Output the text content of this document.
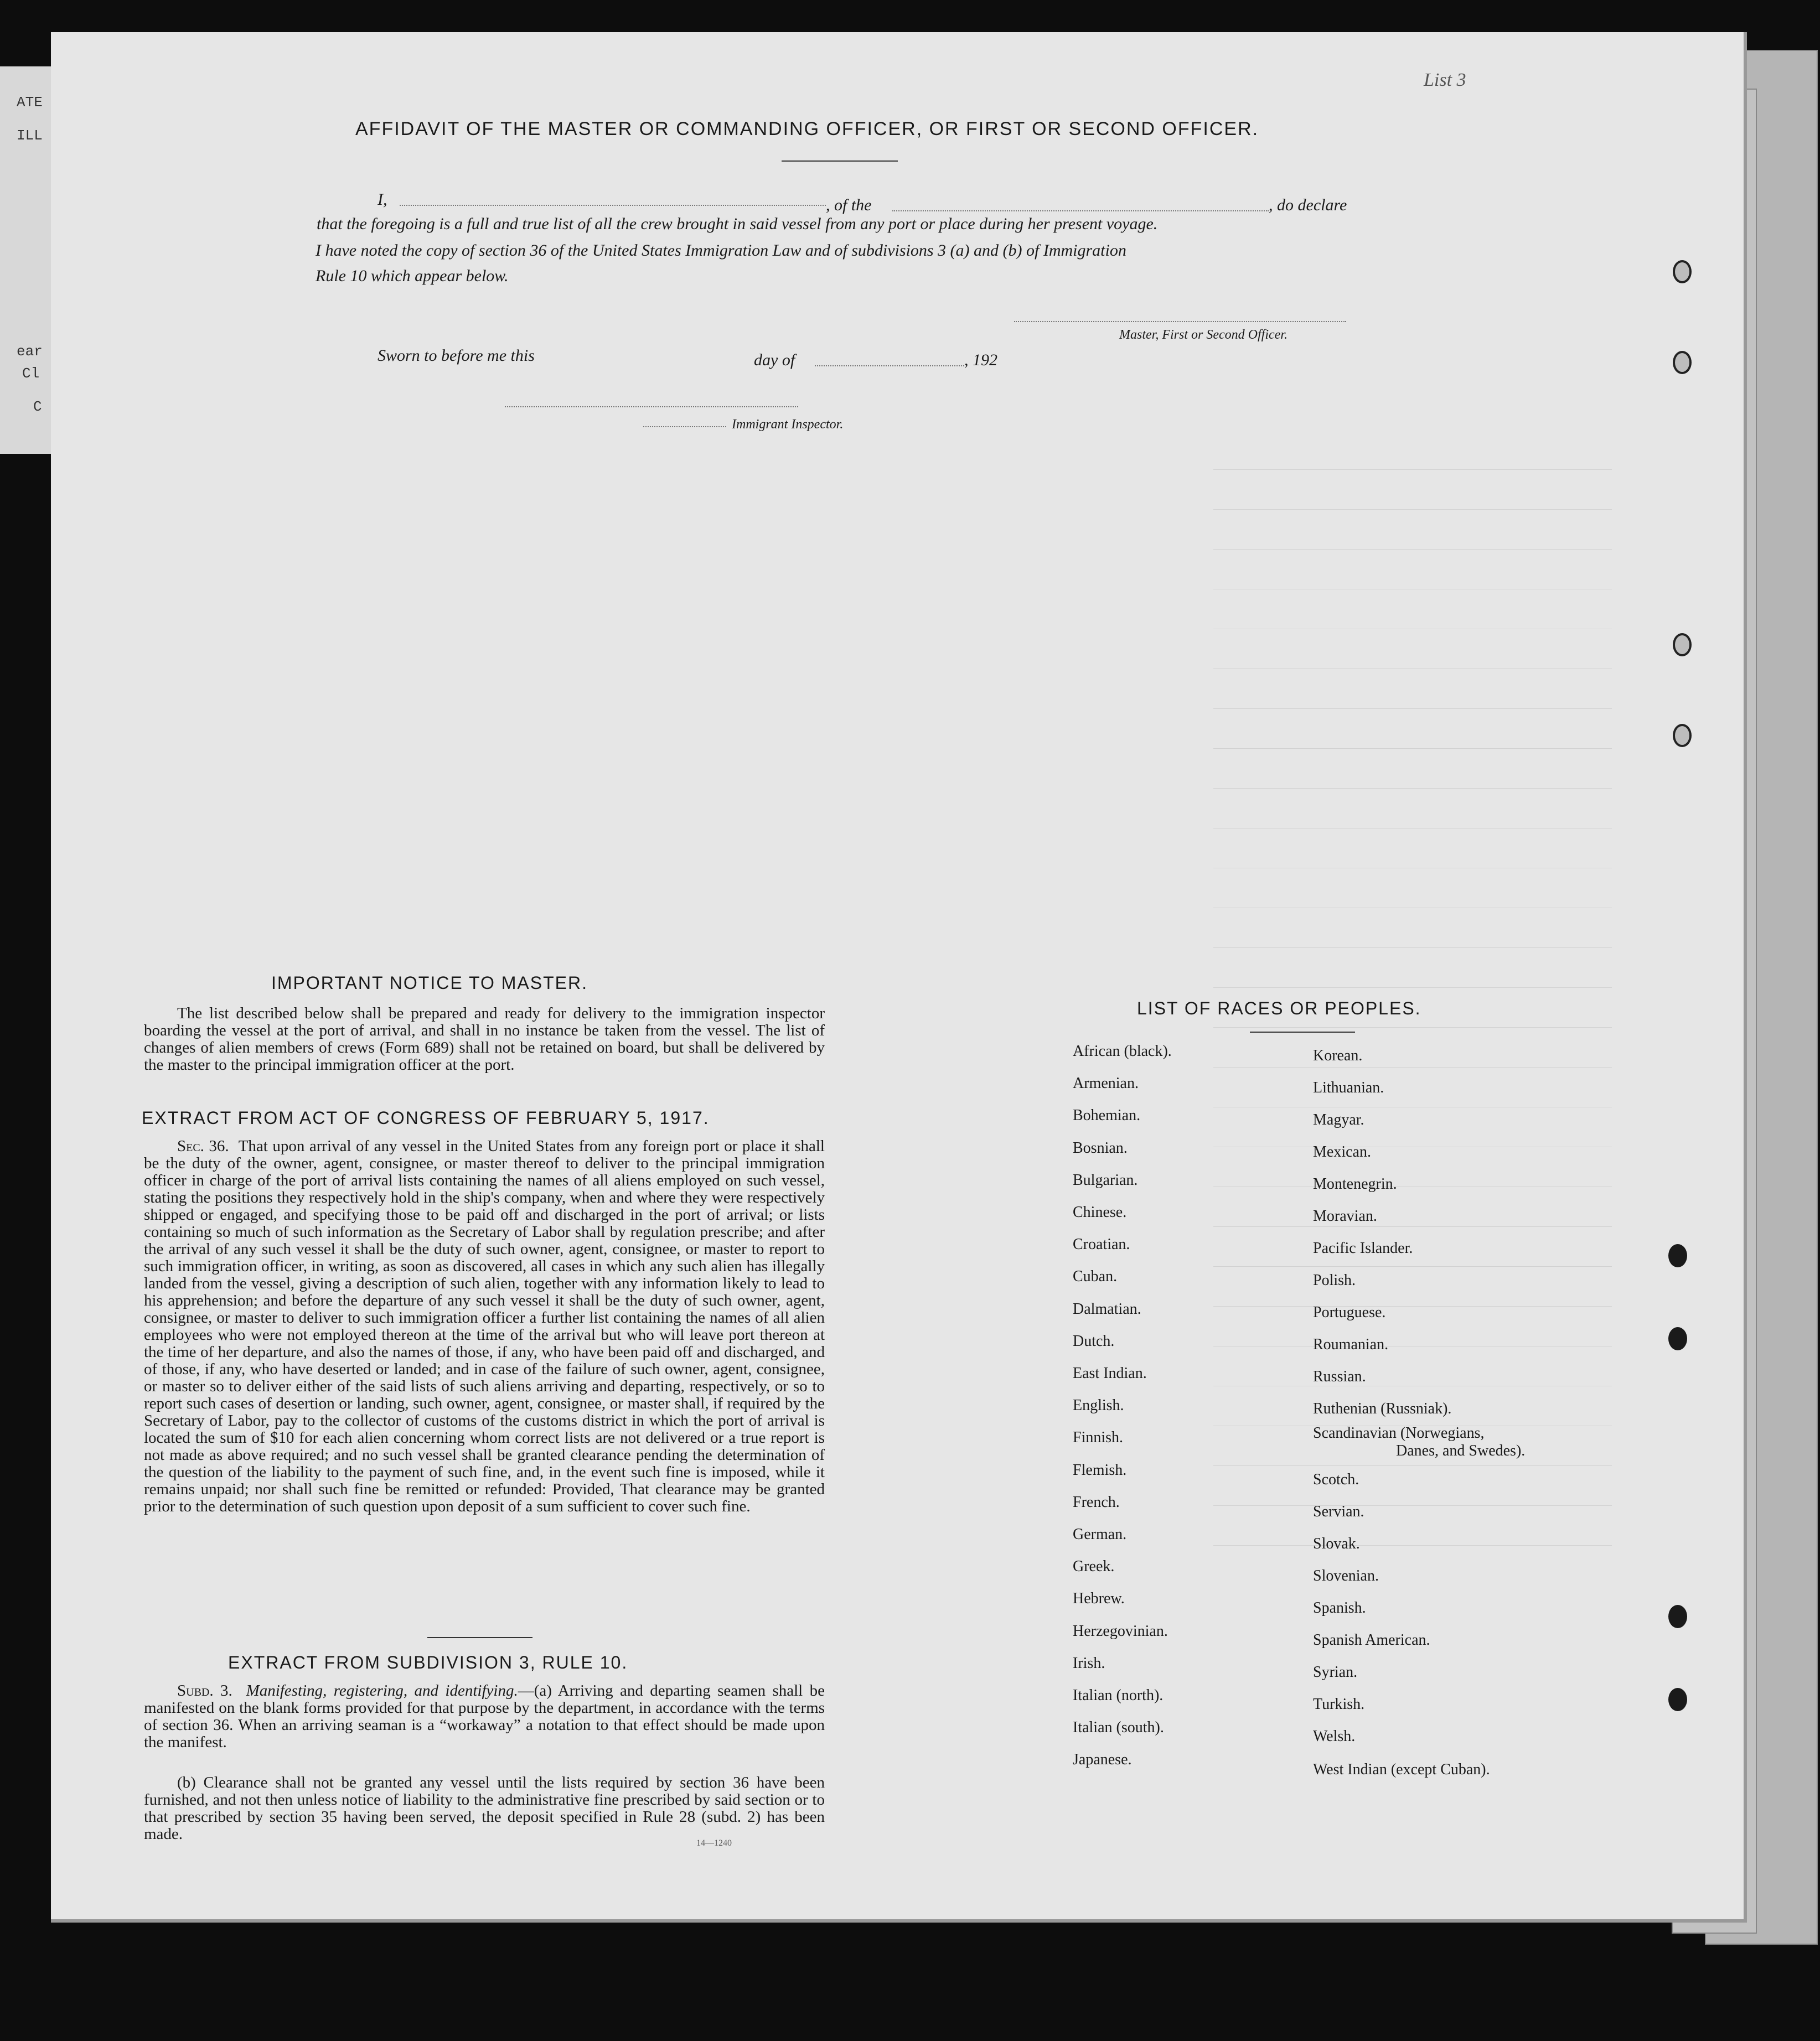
ATE
ILL
ear
Cl
C
List 3
AFFIDAVIT OF THE MASTER OR COMMANDING OFFICER, OR FIRST OR SECOND OFFICER.
I,	, of the	, do declare
that the foregoing is a full and true list of all the crew brought in said vessel from any port or place during her present voyage.
I have noted the copy of section 36 of the United States Immigration Law and of subdivisions 3 (a) and (b) of Immigration
Rule 10 which appear below.
Master, First or Second Officer.
Sworn to before me this	day of	, 192
Immigrant Inspector.
IMPORTANT NOTICE TO MASTER.
The list described below shall be prepared and ready for delivery to the immigration inspector boarding the vessel at the port of arrival, and shall in no instance be taken from the vessel. The list of changes of alien members of crews (Form 689) shall not be retained on board, but shall be delivered by the master to the principal immigration officer at the port.
EXTRACT FROM ACT OF CONGRESS OF FEBRUARY 5, 1917.
Sec. 36. That upon arrival of any vessel in the United States from any foreign port or place it shall be the duty of the owner, agent, consignee, or master thereof to deliver to the principal immigration officer in charge of the port of arrival lists containing the names of all aliens employed on such vessel, stating the positions they respectively hold in the ship's company, when and where they were respectively shipped or engaged, and specifying those to be paid off and discharged in the port of arrival; or lists containing so much of such information as the Secretary of Labor shall by regulation prescribe; and after the arrival of any such vessel it shall be the duty of such owner, agent, consignee, or master to report to such immigration officer, in writing, as soon as discovered, all cases in which any such alien has illegally landed from the vessel, giving a description of such alien, together with any information likely to lead to his apprehension; and before the departure of any such vessel it shall be the duty of such owner, agent, consignee, or master to deliver to such immigration officer a further list containing the names of all alien employees who were not employed thereon at the time of the arrival but who will leave port thereon at the time of her departure, and also the names of those, if any, who have been paid off and discharged, and of those, if any, who have deserted or landed; and in case of the failure of such owner, agent, consignee, or master so to deliver either of the said lists of such aliens arriving and departing, respectively, or so to report such cases of desertion or landing, such owner, agent, consignee, or master shall, if required by the Secretary of Labor, pay to the collector of customs of the customs district in which the port of arrival is located the sum of $10 for each alien concerning whom correct lists are not delivered or a true report is not made as above required; and no such vessel shall be granted clearance pending the determination of the question of the liability to the payment of such fine, and, in the event such fine is imposed, while it remains unpaid; nor shall such fine be remitted or refunded: Provided, That clearance may be granted prior to the determination of such question upon deposit of a sum sufficient to cover such fine.
EXTRACT FROM SUBDIVISION 3, RULE 10.
Subd. 3. Manifesting, registering, and identifying.—(a) Arriving and departing seamen shall be manifested on the blank forms provided for that purpose by the department, in accordance with the terms of section 36. When an arriving seaman is a “workaway” a notation to that effect should be made upon the manifest.
(b) Clearance shall not be granted any vessel until the lists required by section 36 have been furnished, and not then unless notice of liability to the administrative fine prescribed by said section or to that prescribed by section 35 having been served, the deposit specified in Rule 28 (subd. 2) has been made.
14—1240
LIST OF RACES OR PEOPLES.
African (black).
Armenian.
Bohemian.
Bosnian.
Bulgarian.
Chinese.
Croatian.
Cuban.
Dalmatian.
Dutch.
East Indian.
English.
Finnish.
Flemish.
French.
German.
Greek.
Hebrew.
Herzegovinian.
Irish.
Italian (north).
Italian (south).
Japanese.
Korean.
Lithuanian.
Magyar.
Mexican.
Montenegrin.
Moravian.
Pacific Islander.
Polish.
Portuguese.
Roumanian.
Russian.
Ruthenian (Russniak).
Scandinavian (Norwegians,
Danes, and Swedes).
Scotch.
Servian.
Slovak.
Slovenian.
Spanish.
Spanish American.
Syrian.
Turkish.
Welsh.
West Indian (except Cuban).
